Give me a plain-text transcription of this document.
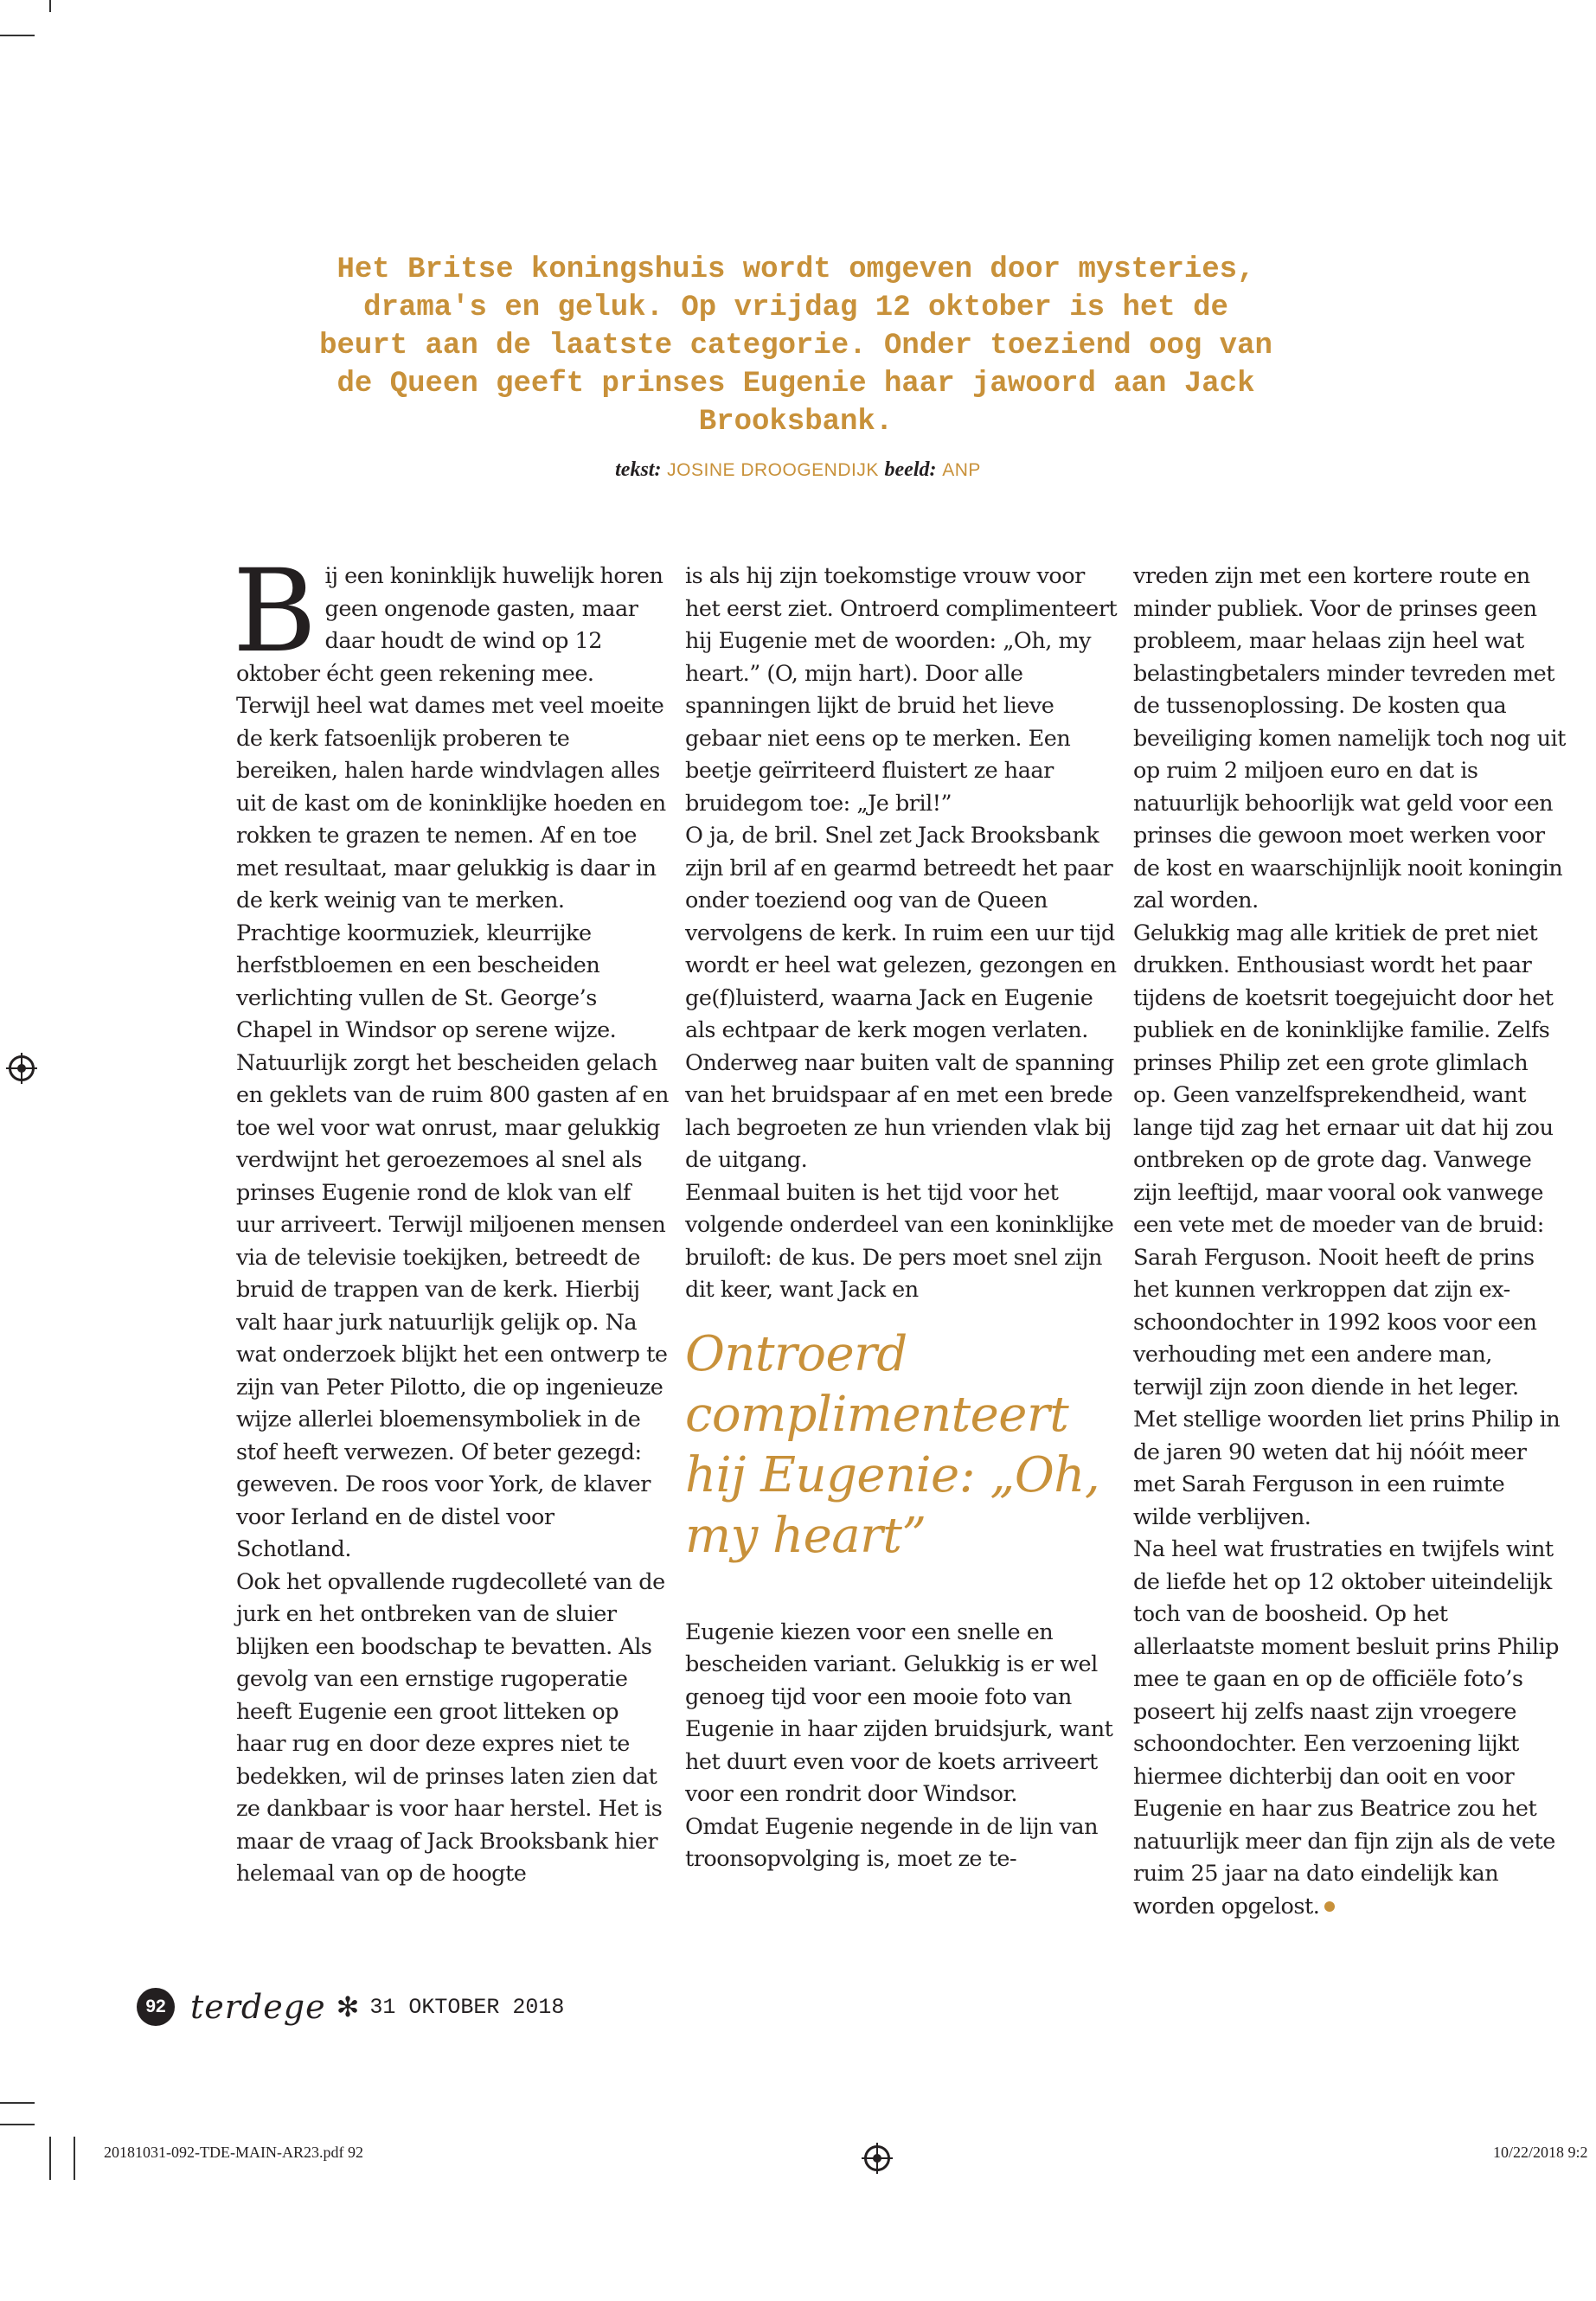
Het Britse koningshuis wordt omgeven door mysteries, drama's en geluk. Op vrijdag 12 oktober is het de beurt aan de laatste categorie. Onder toeziend oog van de Queen geeft prinses Eugenie haar jawoord aan Jack Brooksbank.

tekst: JOSINE DROOGENDIJK beeld: ANP
B ij een koninklijk huwelijk horen geen ongenode gasten, maar daar houdt de wind op 12 oktober écht geen rekening mee. Terwijl heel wat dames met veel moeite de kerk fatsoenlijk proberen te bereiken, halen harde windvlagen alles uit de kast om de koninklijke hoeden en rokken te grazen te nemen. Af en toe met resultaat, maar gelukkig is daar in de kerk weinig van te merken. Prachtige koormuziek, kleurrijke herfstbloemen en een bescheiden verlichting vullen de St. George’s Chapel in Windsor op serene wijze.

Natuurlijk zorgt het bescheiden gelach en geklets van de ruim 800 gasten af en toe wel voor wat onrust, maar gelukkig verdwijnt het geroezemoes al snel als prinses Eugenie rond de klok van elf uur arriveert. Terwijl miljoenen mensen via de televisie toekijken, betreedt de bruid de trappen van de kerk. Hierbij valt haar jurk natuurlijk gelijk op. Na wat onderzoek blijkt het een ontwerp te zijn van Peter Pilotto, die op ingenieuze wijze allerlei bloemensymboliek in de stof heeft verwezen. Of beter gezegd: geweven. De roos voor York, de klaver voor Ierland en de distel voor Schotland.

Ook het opvallende rugdecolleté van de jurk en het ontbreken van de sluier blijken een boodschap te bevatten. Als gevolg van een ernstige rugoperatie heeft Eugenie een groot litteken op haar rug en door deze expres niet te bedekken, wil de prinses laten zien dat ze dankbaar is voor haar herstel. Het is maar de vraag of Jack Brooksbank hier helemaal van op de hoogte

is als hij zijn toekomstige vrouw voor het eerst ziet. Ontroerd complimenteert hij Eugenie met de woorden: „Oh, my heart.” (O, mijn hart). Door alle spanningen lijkt de bruid het lieve gebaar niet eens op te merken. Een beetje geïrriteerd fluistert ze haar bruidegom toe: „Je bril!”

O ja, de bril. Snel zet Jack Brooksbank zijn bril af en gearmd betreedt het paar onder toeziend oog van de Queen vervolgens de kerk. In ruim een uur tijd wordt er heel wat gelezen, gezongen en ge(f)luisterd, waarna Jack en Eugenie als echtpaar de kerk mogen verlaten. Onderweg naar buiten valt de spanning van het bruidspaar af en met een brede lach begroeten ze hun vrienden vlak bij de uitgang.

Eenmaal buiten is het tijd voor het volgende onderdeel van een koninklijke bruiloft: de kus. De pers moet snel zijn dit keer, want Jack en

Ontroerd complimenteert hij Eugenie: „Oh, my heart”

Eugenie kiezen voor een snelle en bescheiden variant. Gelukkig is er wel genoeg tijd voor een mooie foto van Eugenie in haar zijden bruidsjurk, want het duurt even voor de koets arriveert voor een rondrit door Windsor.

Omdat Eugenie negende in de lijn van troonsopvolging is, moet ze te-

vreden zijn met een kortere route en minder publiek. Voor de prinses geen probleem, maar helaas zijn heel wat belastingbetalers minder tevreden met de tussenoplossing. De kosten qua beveiliging komen namelijk toch nog uit op ruim 2 miljoen euro en dat is natuurlijk behoorlijk wat geld voor een prinses die gewoon moet werken voor de kost en waarschijnlijk nooit koningin zal worden.

Gelukkig mag alle kritiek de pret niet drukken. Enthousiast wordt het paar tijdens de koetsrit toegejuicht door het publiek en de koninklijke familie. Zelfs prinses Philip zet een grote glimlach op. Geen vanzelfsprekendheid, want lange tijd zag het ernaar uit dat hij zou ontbreken op de grote dag. Vanwege zijn leeftijd, maar vooral ook vanwege een vete met de moeder van de bruid: Sarah Ferguson. Nooit heeft de prins het kunnen verkroppen dat zijn ex-schoondochter in 1992 koos voor een verhouding met een andere man, terwijl zijn zoon diende in het leger. Met stellige woorden liet prins Philip in de jaren 90 weten dat hij nóóit meer met Sarah Ferguson in een ruimte wilde verblijven.

Na heel wat frustraties en twijfels wint de liefde het op 12 oktober uiteindelijk toch van de boosheid. Op het allerlaatste moment besluit prins Philip mee te gaan en op de officiële foto’s poseert hij zelfs naast zijn vroegere schoondochter. Een verzoening lijkt hiermee dichterbij dan ooit en voor Eugenie en haar zus Beatrice zou het natuurlijk meer dan fijn zijn als de vete ruim 25 jaar na dato eindelijk kan worden opgelost.

92 terdege ✻ 31 OKTOBER 2018
20181031-092-TDE-MAIN-AR23.pdf 92	10/22/2018 9:2
